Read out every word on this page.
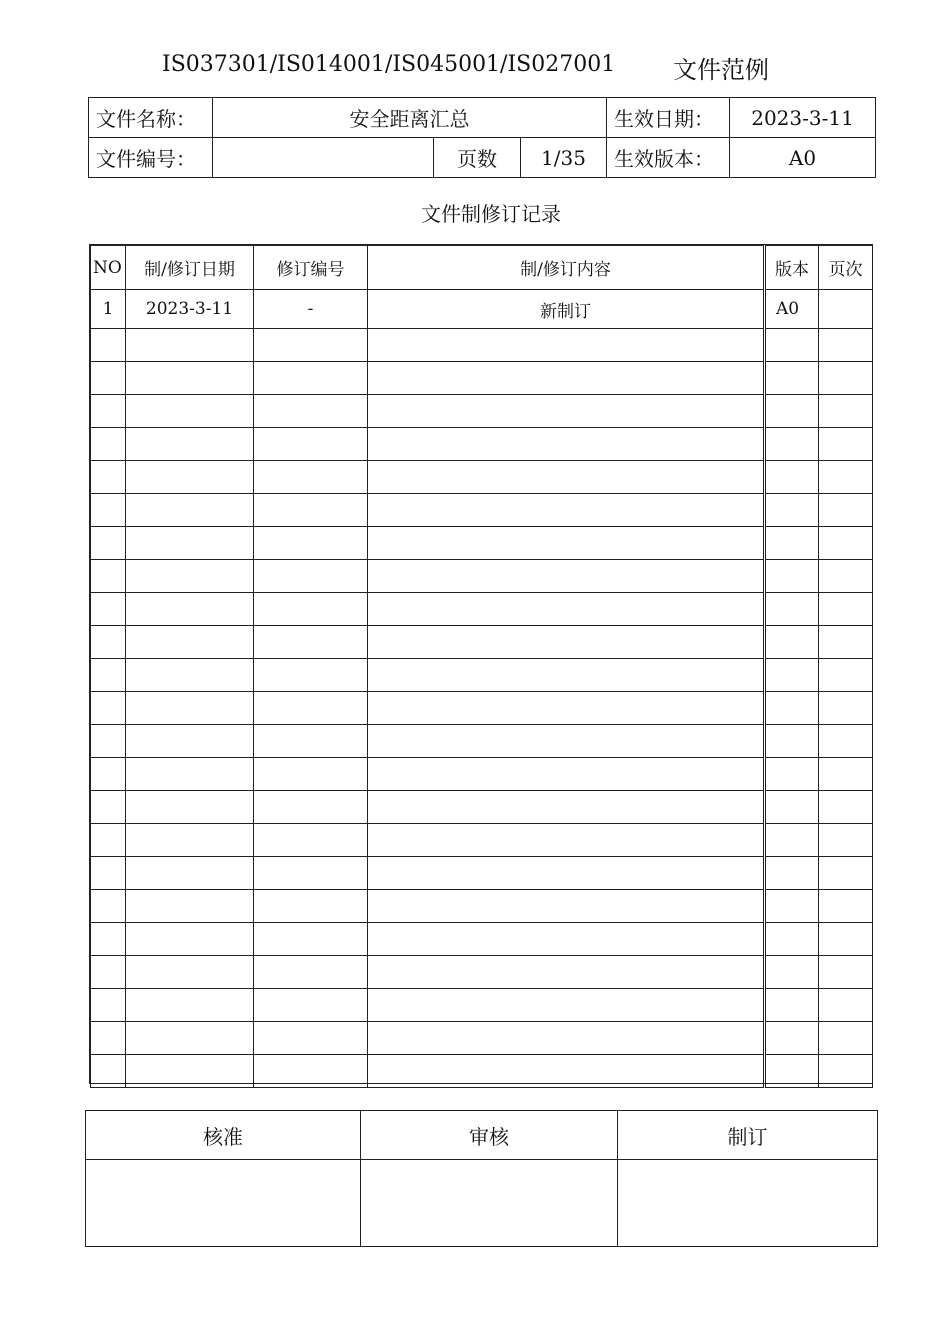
IS037301/IS014001/IS045001/IS027001 文件范例
文件名称：	安全距离汇总			生效日期：	2023-3-11
文件编号：		页数	1/35	生效版本：	A0
文件制修订记录
NO	制/修订日期	修订编号	制/修订内容	版本	页次
1	2023-3-11	-	新制订	A0	

核准	审核	制订
